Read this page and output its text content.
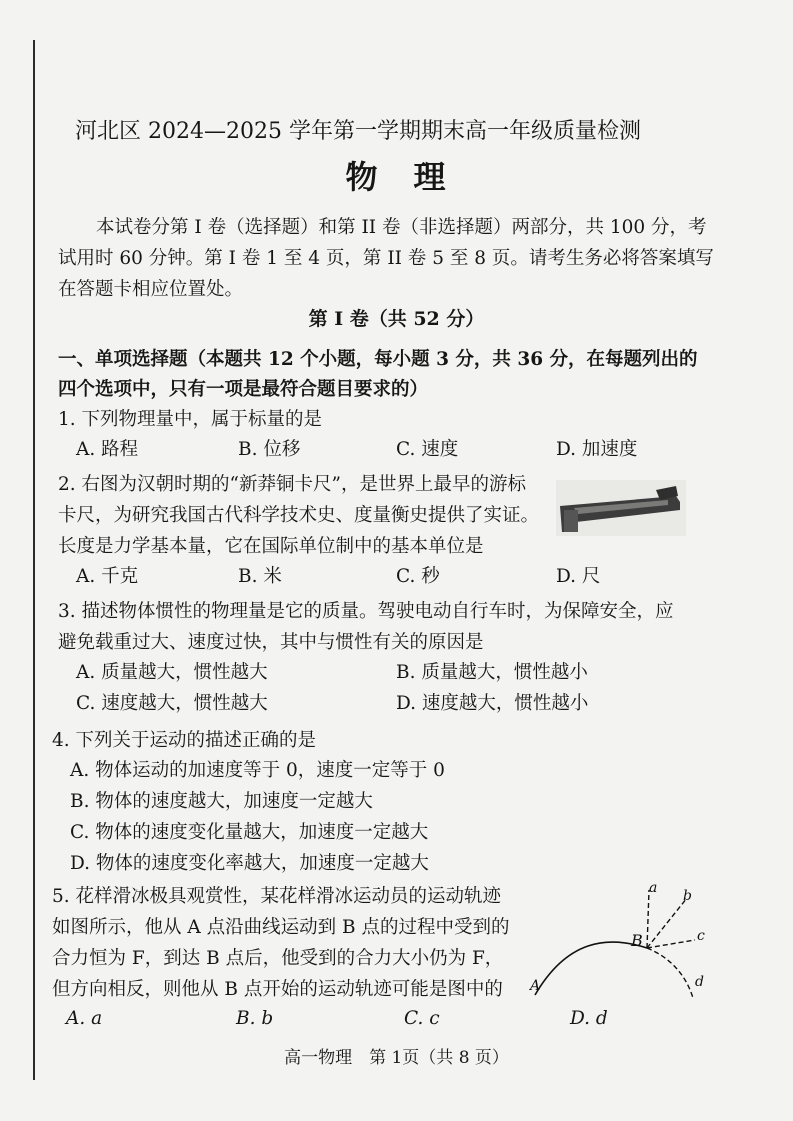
河北区 2024—2025 学年第一学期期末高一年级质量检测
物　理
本试卷分第 I 卷（选择题）和第 II 卷（非选择题）两部分，共 100 分，考
试用时 60 分钟。第 I 卷 1 至 4 页，第 II 卷 5 至 8 页。请考生务必将答案填写
在答题卡相应位置处。
第 I 卷（共 52 分）
一、单项选择题（本题共 12 个小题，每小题 3 分，共 36 分，在每题列出的
四个选项中，只有一项是最符合题目要求的）
1. 下列物理量中，属于标量的是
A. 路程	B. 位移	C. 速度	D. 加速度
2. 右图为汉朝时期的“新莽铜卡尺”，是世界上最早的游标
卡尺，为研究我国古代科学技术史、度量衡史提供了实证。
长度是力学基本量，它在国际单位制中的基本单位是
A. 千克	B. 米	C. 秒	D. 尺
3. 描述物体惯性的物理量是它的质量。驾驶电动自行车时，为保障安全，应
避免载重过大、速度过快，其中与惯性有关的原因是
A. 质量越大，惯性越大	B. 质量越大，惯性越小
C. 速度越大，惯性越大	D. 速度越大，惯性越小
4. 下列关于运动的描述正确的是
A. 物体运动的加速度等于 0，速度一定等于 0
B. 物体的速度越大，加速度一定越大
C. 物体的速度变化量越大，加速度一定越大
D. 物体的速度变化率越大，加速度一定越大
5. 花样滑冰极具观赏性，某花样滑冰运动员的运动轨迹
如图所示，他从 A 点沿曲线运动到 B 点的过程中受到的
合力恒为 F，到达 B 点后，他受到的合力大小仍为 F，
但方向相反，则他从 B 点开始的运动轨迹可能是图中的
A. a	B. b	C. c	D. d
A
B
a b
c
d
高一物理　第 1页（共 8 页）
